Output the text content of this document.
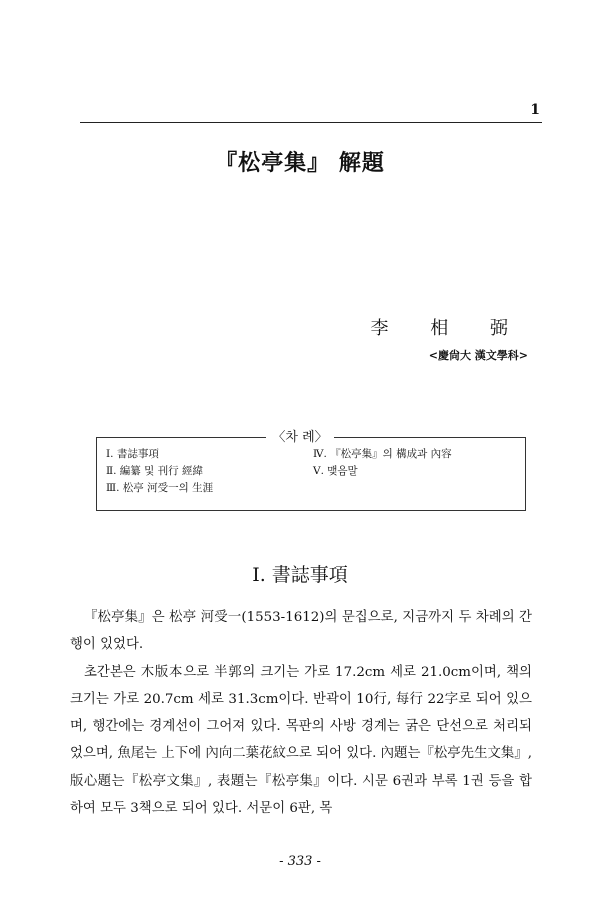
1
『松亭集』 解題
李 相 弼
<慶尙大 漢文學科>
〈차 례〉
Ⅰ. 書誌事項
Ⅱ. 編纂 및 刊行 經緯
Ⅲ. 松亭 河受一의 生涯
Ⅳ. 『松亭集』의 構成과 內容
Ⅴ. 맺음말
Ⅰ. 書誌事項

『松亭集』은 松亭 河受一(1553-1612)의 문집으로, 지금까지 두 차례의 간행이 있었다.

초간본은 木版本으로 半郭의 크기는 가로 17.2cm 세로 21.0cm이며, 책의 크기는 가로 20.7cm 세로 31.3cm이다. 반곽이 10行, 每行 22字로 되어 있으며, 행간에는 경계선이 그어져 있다. 목판의 사방 경계는 굵은 단선으로 처리되었으며, 魚尾는 上下에 內向二葉花紋으로 되어 있다. 內題는『松亭先生文集』, 版心題는『松亭文集』, 表題는『松亭集』이다. 시문 6권과 부록 1권 등을 합하여 모두 3책으로 되어 있다. 서문이 6판, 목

- 333 -
